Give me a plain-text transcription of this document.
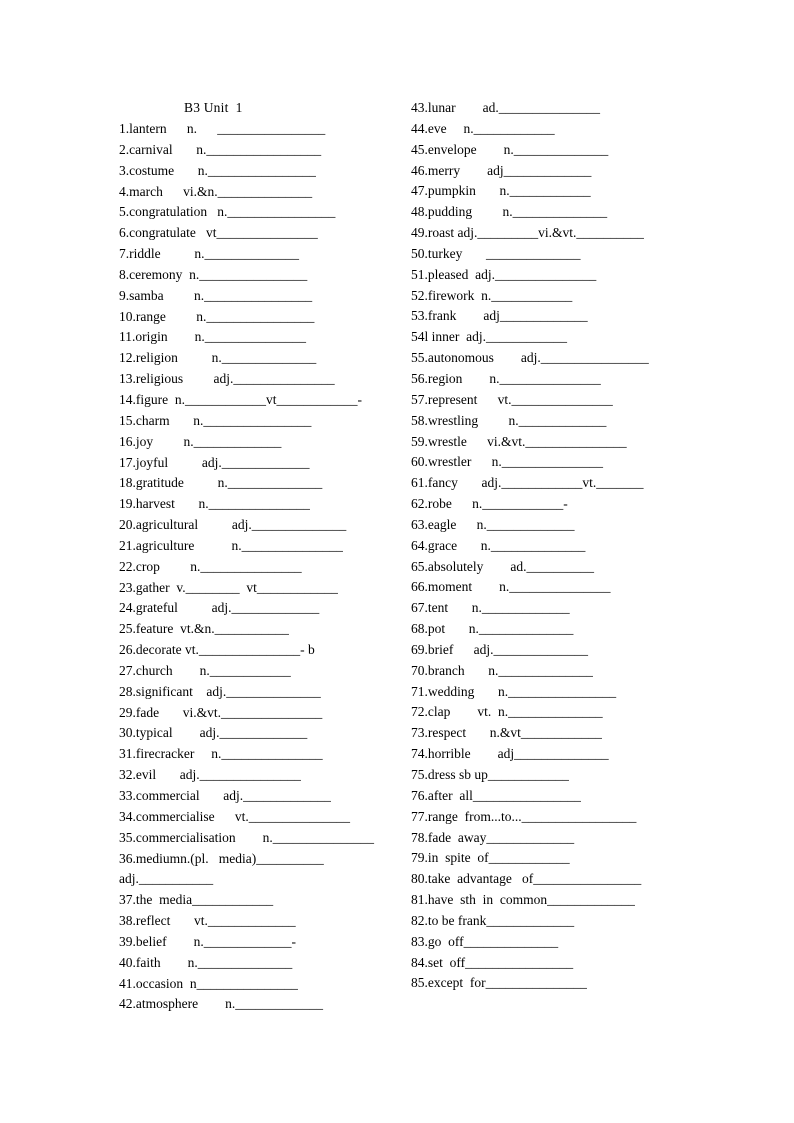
B3 Unit  1
1.lantern      n.      ________________
2.carnival       n._________________
3.costume       n.________________
4.march      vi.&n.______________
5.congratulation   n.________________
6.congratulate   vt_______________
7.riddle          n.______________
8.ceremony  n.________________
9.samba         n.________________
10.range         n.________________
11.origin        n._______________
12.religion          n.______________
13.religious         adj._______________
14.figure  n.____________vt____________-
15.charm       n.________________
16.joy         n._____________
17.joyful          adj._____________
18.gratitude          n.______________
19.harvest       n._______________
20.agricultural          adj.______________
21.agriculture           n._______________
22.crop         n._______________
23.gather  v.________  vt____________
24.grateful          adj._____________
25.feature  vt.&n.___________
26.decorate vt._______________- b
27.church        n.____________
28.significant    adj.______________
29.fade       vi.&vt._______________
30.typical        adj._____________
31.firecracker     n._______________
32.evil       adj._______________
33.commercial       adj._____________
34.commercialise      vt._______________
35.commercialisation        n._______________
36.mediumn.(pl.   media)__________
adj.___________
37.the  media____________
38.reflect       vt._____________
39.belief        n._____________-
40.faith        n.______________
41.occasion  n_______________
42.atmosphere        n._____________
43.lunar        ad._______________
44.eve     n.____________
45.envelope        n.______________
46.merry        adj_____________
47.pumpkin       n.____________
48.pudding         n.______________
49.roast adj._________vi.&vt.__________
50.turkey       ______________
51.pleased  adj._______________
52.firework  n.____________
53.frank        adj_____________
54l inner  adj.____________
55.autonomous        adj.________________
56.region        n._______________
57.represent      vt._______________
58.wrestling         n._____________
59.wrestle      vi.&vt._______________
60.wrestler      n._______________
61.fancy       adj.____________vt._______
62.robe      n.____________-
63.eagle      n._____________
64.grace       n.______________
65.absolutely        ad.__________
66.moment        n._______________
67.tent       n._____________
68.pot       n.______________
69.brief      adj.______________
70.branch       n.______________
71.wedding       n.________________
72.clap        vt.  n.______________
73.respect       n.&vt____________
74.horrible        adj______________
75.dress sb up____________
76.after  all________________
77.range  from...to..._________________
78.fade  away_____________
79.in  spite  of____________
80.take  advantage   of________________
81.have  sth  in  common_____________
82.to be frank_____________
83.go  off______________
84.set  off________________
85.except  for_______________
